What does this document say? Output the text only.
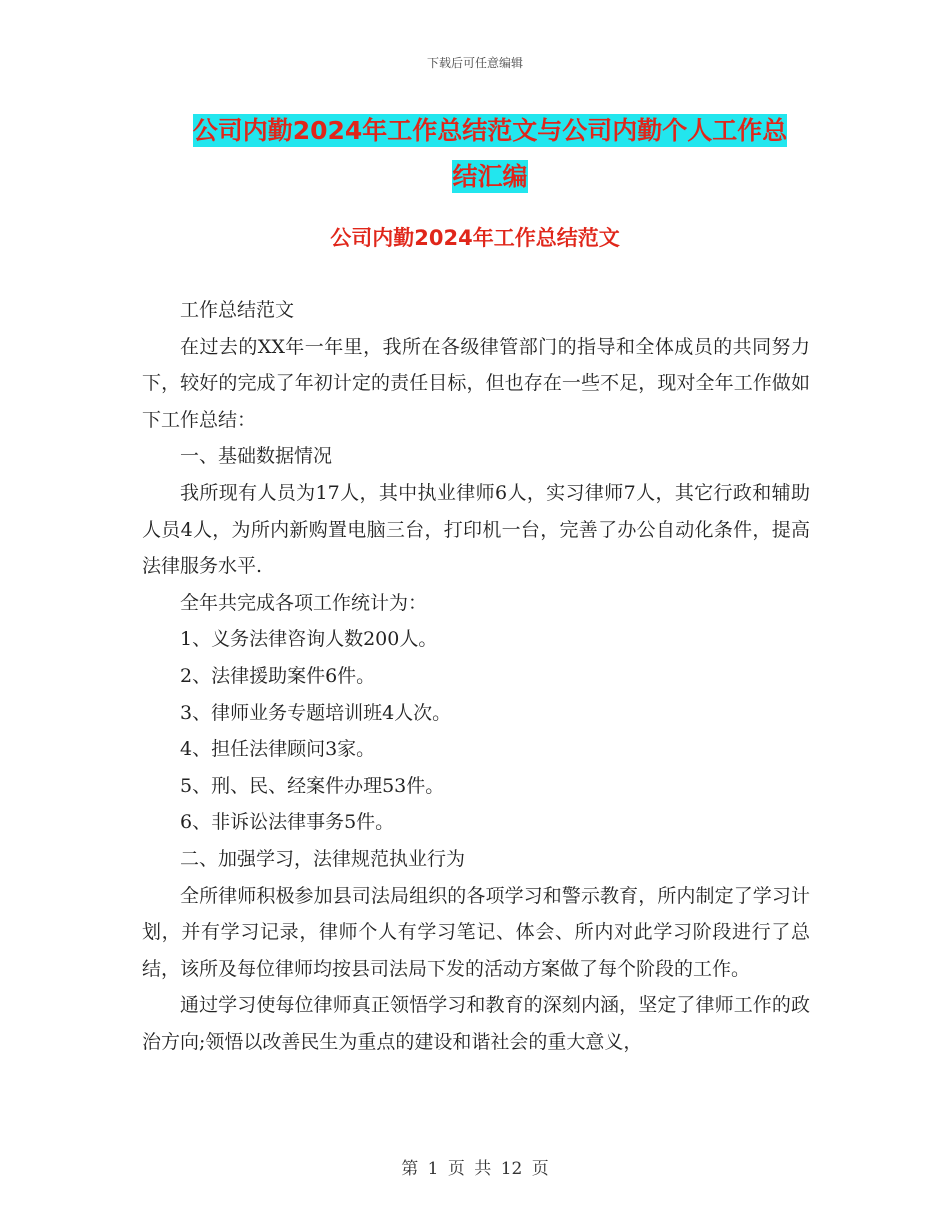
下载后可任意编辑
公司内勤2024年工作总结范文与公司内勤个人工作总
结汇编
公司内勤2024年工作总结范文

工作总结范文

在过去的XX年一年里，我所在各级律管部门的指导和全体成员的共同努力下，较好的完成了年初计定的责任目标，但也存在一些不足，现对全年工作做如下工作总结：

一、基础数据情况

我所现有人员为17人，其中执业律师6人，实习律师7人，其它行政和辅助人员4人，为所内新购置电脑三台，打印机一台，完善了办公自动化条件，提高法律服务水平.

全年共完成各项工作统计为：

1、义务法律咨询人数200人。

2、法律援助案件6件。

3、律师业务专题培训班4人次。

4、担任法律顾问3家。

5、刑、民、经案件办理53件。

6、非诉讼法律事务5件。

二、加强学习，法律规范执业行为

全所律师积极参加县司法局组织的各项学习和警示教育，所内制定了学习计划，并有学习记录，律师个人有学习笔记、体会、所内对此学习阶段进行了总结，该所及每位律师均按县司法局下发的活动方案做了每个阶段的工作。

通过学习使每位律师真正领悟学习和教育的深刻内涵，坚定了律师工作的政治方向;领悟以改善民生为重点的建设和谐社会的重大意义，

第 1 页 共 12 页
